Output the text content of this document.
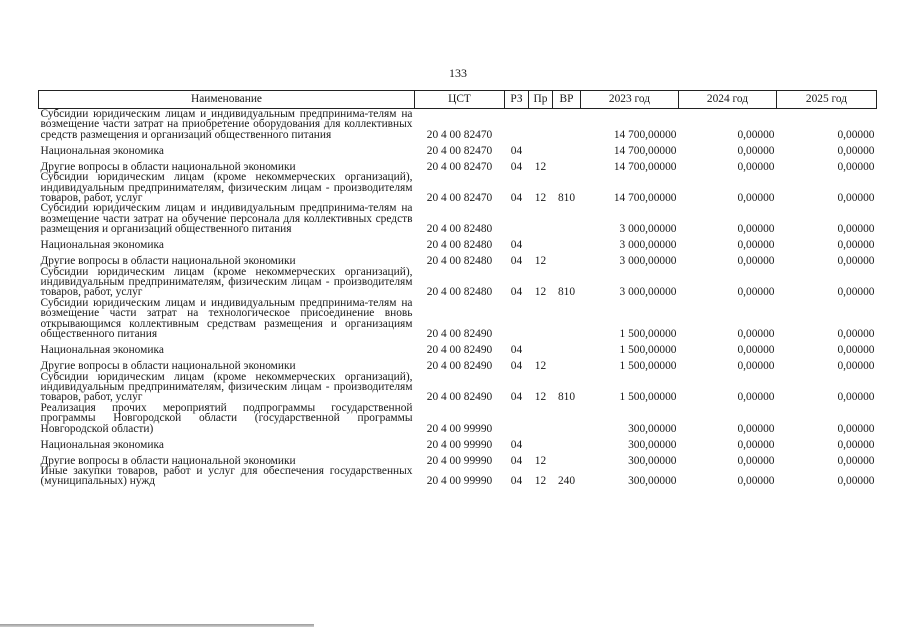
133
Наименование	ЦСТ	РЗ	Пр	ВР	2023 год	2024 год	2025 год
Субсидии юридическим лицам и индивидуальным предпринима-телям на возмещение части затрат на приобретение оборудования для коллективных средств размещения и организаций общественного питания	20 4 00 82470				14 700,00000	0,00000	0,00000
Национальная экономика	20 4 00 82470	04			14 700,00000	0,00000	0,00000
Другие вопросы в области национальной экономики	20 4 00 82470	04	12		14 700,00000	0,00000	0,00000
Субсидии юридическим лицам (кроме некоммерческих организаций), индивидуальным предпринимателям, физическим лицам - производителям товаров, работ, услуг	20 4 00 82470	04	12	810	14 700,00000	0,00000	0,00000
Субсидии юридическим лицам и индивидуальным предпринима-телям на возмещение части затрат на обучение персонала для коллективных средств размещения и организаций общественного питания	20 4 00 82480				3 000,00000	0,00000	0,00000
Национальная экономика	20 4 00 82480	04			3 000,00000	0,00000	0,00000
Другие вопросы в области национальной экономики	20 4 00 82480	04	12		3 000,00000	0,00000	0,00000
Субсидии юридическим лицам (кроме некоммерческих организаций), индивидуальным предпринимателям, физическим лицам - производителям товаров, работ, услуг	20 4 00 82480	04	12	810	3 000,00000	0,00000	0,00000
Субсидии юридическим лицам и индивидуальным предпринима-телям на возмещение части затрат на технологическое присоединение вновь открывающимся коллективным средствам размещения и организациям общественного питания	20 4 00 82490				1 500,00000	0,00000	0,00000
Национальная экономика	20 4 00 82490	04			1 500,00000	0,00000	0,00000
Другие вопросы в области национальной экономики	20 4 00 82490	04	12		1 500,00000	0,00000	0,00000
Субсидии юридическим лицам (кроме некоммерческих организаций), индивидуальным предпринимателям, физическим лицам - производителям товаров, работ, услуг	20 4 00 82490	04	12	810	1 500,00000	0,00000	0,00000
Реализация прочих мероприятий подпрограммы государственной программы Новгородской области (государственной программы Новгородской области)	20 4 00 99990				300,00000	0,00000	0,00000
Национальная экономика	20 4 00 99990	04			300,00000	0,00000	0,00000
Другие вопросы в области национальной экономики	20 4 00 99990	04	12		300,00000	0,00000	0,00000
Иные закупки товаров, работ и услуг для обеспечения государственных (муниципальных) нужд	20 4 00 99990	04	12	240	300,00000	0,00000	0,00000
